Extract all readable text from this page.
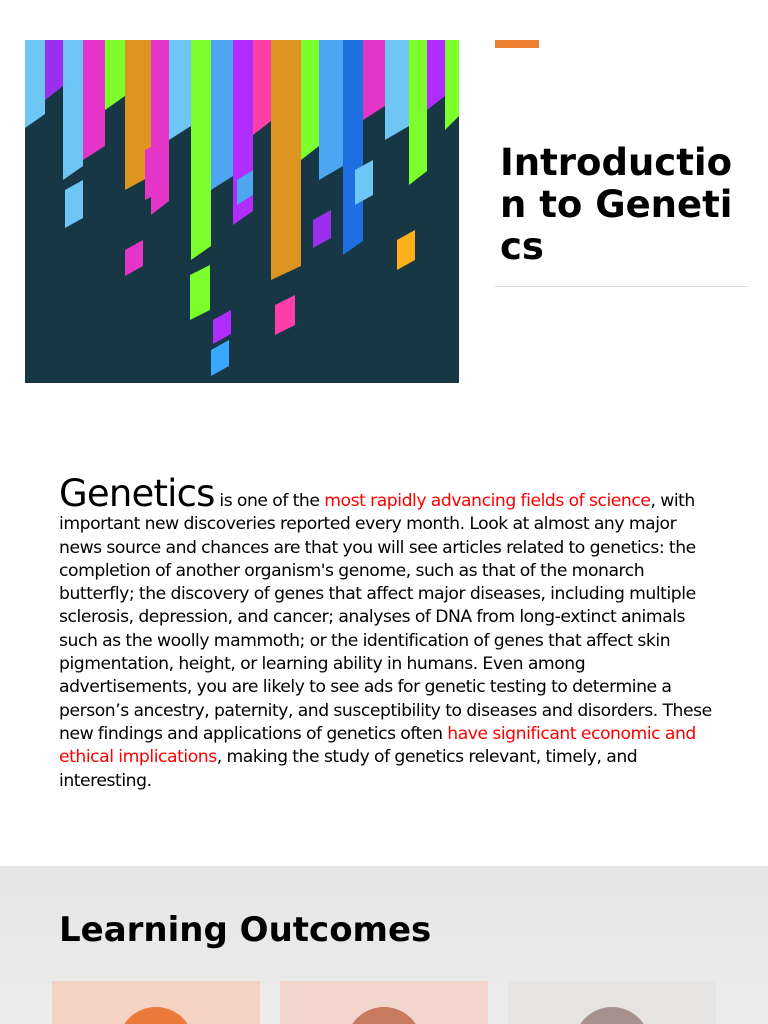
Introduction to Genetics

Genetics is one of the most rapidly advancing fields of science, with important new discoveries reported every month. Look at almost any major news source and chances are that you will see articles related to genetics: the completion of another organism's genome, such as that of the monarch butterfly; the discovery of genes that affect major diseases, including multiple sclerosis, depression, and cancer; analyses of DNA from long-extinct animals such as the woolly mammoth; or the identification of genes that affect skin pigmentation, height, or learning ability in humans. Even among advertisements, you are likely to see ads for genetic testing to determine a person’s ancestry, paternity, and susceptibility to diseases and disorders. These new findings and applications of genetics often have significant economic and ethical implications, making the study of genetics relevant, timely, and interesting.

Learning Outcomes
